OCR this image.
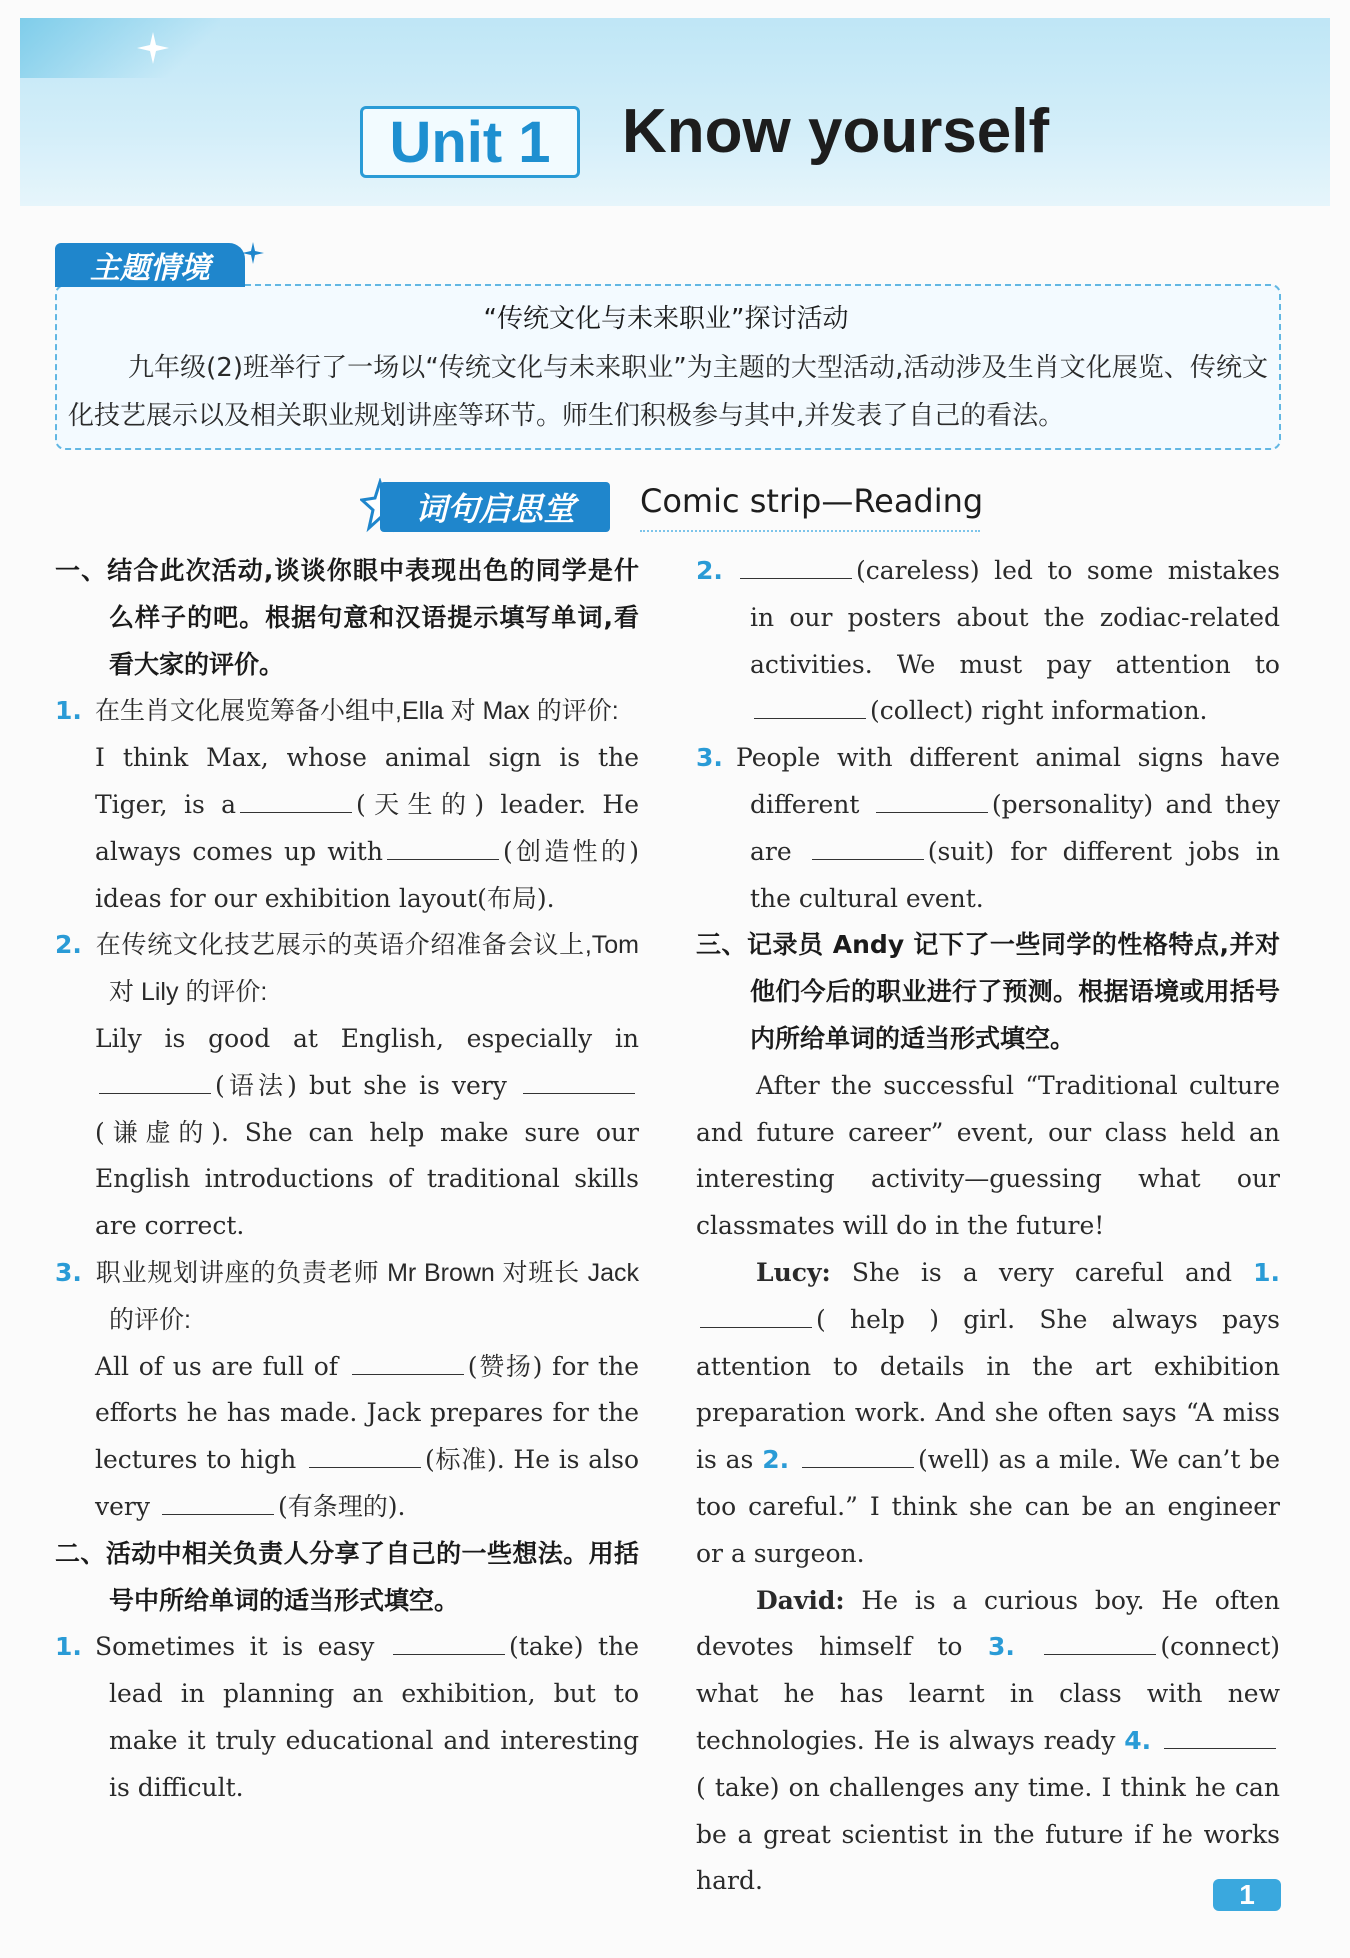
Unit 1 Know yourself
主题情境
“传统文化与未来职业”探讨活动
九年级(2)班举行了一场以“传统文化与未来职业”为主题的大型活动,活动涉及生肖文化展览、传统文化技艺展示以及相关职业规划讲座等环节。师生们积极参与其中,并发表了自己的看法。
词句启思堂	Comic strip—Reading

一、结合此次活动,谈谈你眼中表现出色的同学是什么样子的吧。根据句意和汉语提示填写单词,看看大家的评价。

1. 在生肖文化展览筹备小组中,Ella 对 Max 的评价:

I think Max, whose animal sign is the Tiger, is a	(天生的) leader. He always comes up with	(创造性的) ideas for our exhibition layout(布局).

2. 在传统文化技艺展示的英语介绍准备会议上,Tom 对 Lily 的评价:

Lily is good at English, especially in (语法) but she is very (谦虚的). She can help make sure our English introductions of traditional skills are correct.

3. 职业规划讲座的负责老师 Mr Brown 对班长 Jack 的评价:

All of us are full of	(赞扬) for the efforts he has made. Jack prepares for the lectures to high	(标准). He is also very	(有条理的).

二、活动中相关负责人分享了自己的一些想法。用括号中所给单词的适当形式填空。

1. Sometimes it is easy	(take) the lead in planning an exhibition, but to make it truly educational and interesting is difficult.

2.	(careless) led to some mistakes in our posters about the zodiac-related activities. We must pay attention to (collect) right information.

3. People with different animal signs have different	(personality) and they are	(suit) for different jobs in the cultural event.

三、记录员 Andy 记下了一些同学的性格特点,并对他们今后的职业进行了预测。根据语境或用括号内所给单词的适当形式填空。

After the successful “Traditional culture and future career” event, our class held an interesting activity—guessing what our classmates will do in the future!

Lucy: She is a very careful and 1. ( help ) girl. She always pays attention to details in the art exhibition preparation work. And she often says “A miss is as 2.	(well) as a mile. We can’t be too careful.” I think she can be an engineer or a surgeon.

David: He is a curious boy. He often devotes himself to 3.	(connect) what he has learnt in class with new technologies. He is always ready 4. ( take) on challenges any time. I think he can be a great scientist in the future if he works hard.	1
